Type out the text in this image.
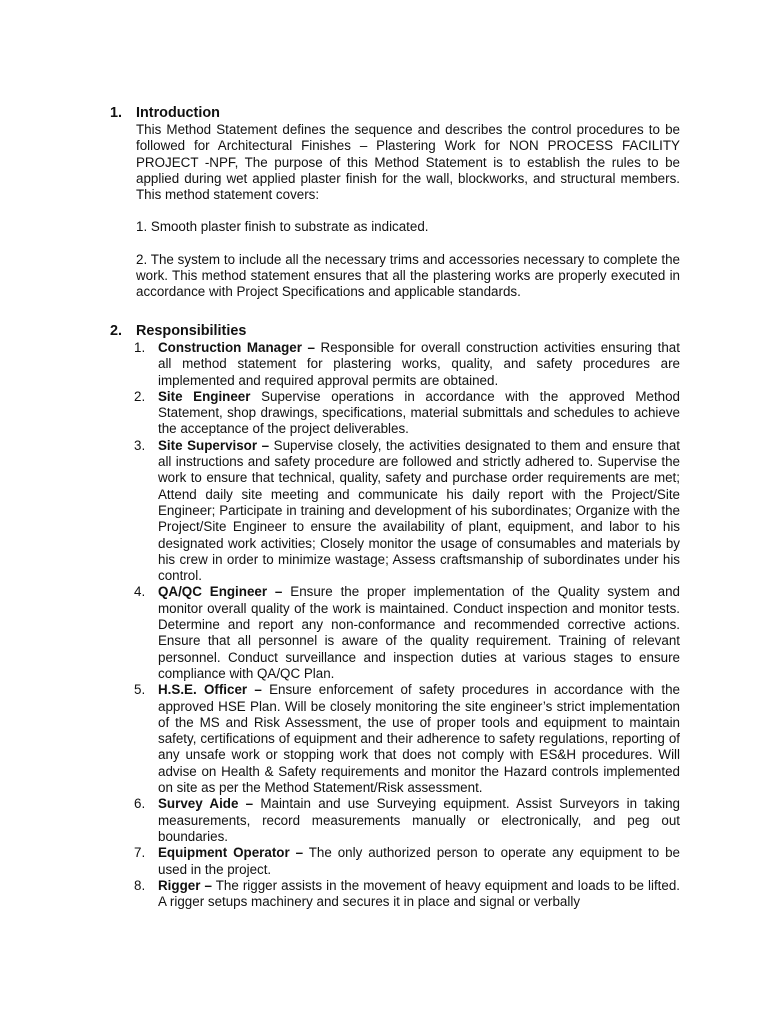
1. Introduction

This Method Statement defines the sequence and describes the control procedures to be followed for Architectural Finishes – Plastering Work for NON PROCESS FACILITY PROJECT -NPF, The purpose of this Method Statement is to establish the rules to be applied during wet applied plaster finish for the wall, blockworks, and structural members. This method statement covers:

1. Smooth plaster finish to substrate as indicated.

2. The system to include all the necessary trims and accessories necessary to complete the work. This method statement ensures that all the plastering works are properly executed in accordance with Project Specifications and applicable standards.

2. Responsibilities
1. Construction Manager – Responsible for overall construction activities ensuring that all method statement for plastering works, quality, and safety procedures are implemented and required approval permits are obtained.
2. Site Engineer Supervise operations in accordance with the approved Method Statement, shop drawings, specifications, material submittals and schedules to achieve the acceptance of the project deliverables.
3. Site Supervisor – Supervise closely, the activities designated to them and ensure that all instructions and safety procedure are followed and strictly adhered to. Supervise the work to ensure that technical, quality, safety and purchase order requirements are met; Attend daily site meeting and communicate his daily report with the Project/Site Engineer; Participate in training and development of his subordinates; Organize with the Project/Site Engineer to ensure the availability of plant, equipment, and labor to his designated work activities; Closely monitor the usage of consumables and materials by his crew in order to minimize wastage; Assess craftsmanship of subordinates under his control.
4. QA/QC Engineer – Ensure the proper implementation of the Quality system and monitor overall quality of the work is maintained. Conduct inspection and monitor tests. Determine and report any non-conformance and recommended corrective actions. Ensure that all personnel is aware of the quality requirement. Training of relevant personnel. Conduct surveillance and inspection duties at various stages to ensure compliance with QA/QC Plan.
5. H.S.E. Officer – Ensure enforcement of safety procedures in accordance with the approved HSE Plan. Will be closely monitoring the site engineer’s strict implementation of the MS and Risk Assessment, the use of proper tools and equipment to maintain safety, certifications of equipment and their adherence to safety regulations, reporting of any unsafe work or stopping work that does not comply with ES&H procedures. Will advise on Health & Safety requirements and monitor the Hazard controls implemented on site as per the Method Statement/Risk assessment.
6. Survey Aide – Maintain and use Surveying equipment. Assist Surveyors in taking measurements, record measurements manually or electronically, and peg out boundaries.
7. Equipment Operator – The only authorized person to operate any equipment to be used in the project.
8. Rigger – The rigger assists in the movement of heavy equipment and loads to be lifted. A rigger setups machinery and secures it in place and signal or verbally
